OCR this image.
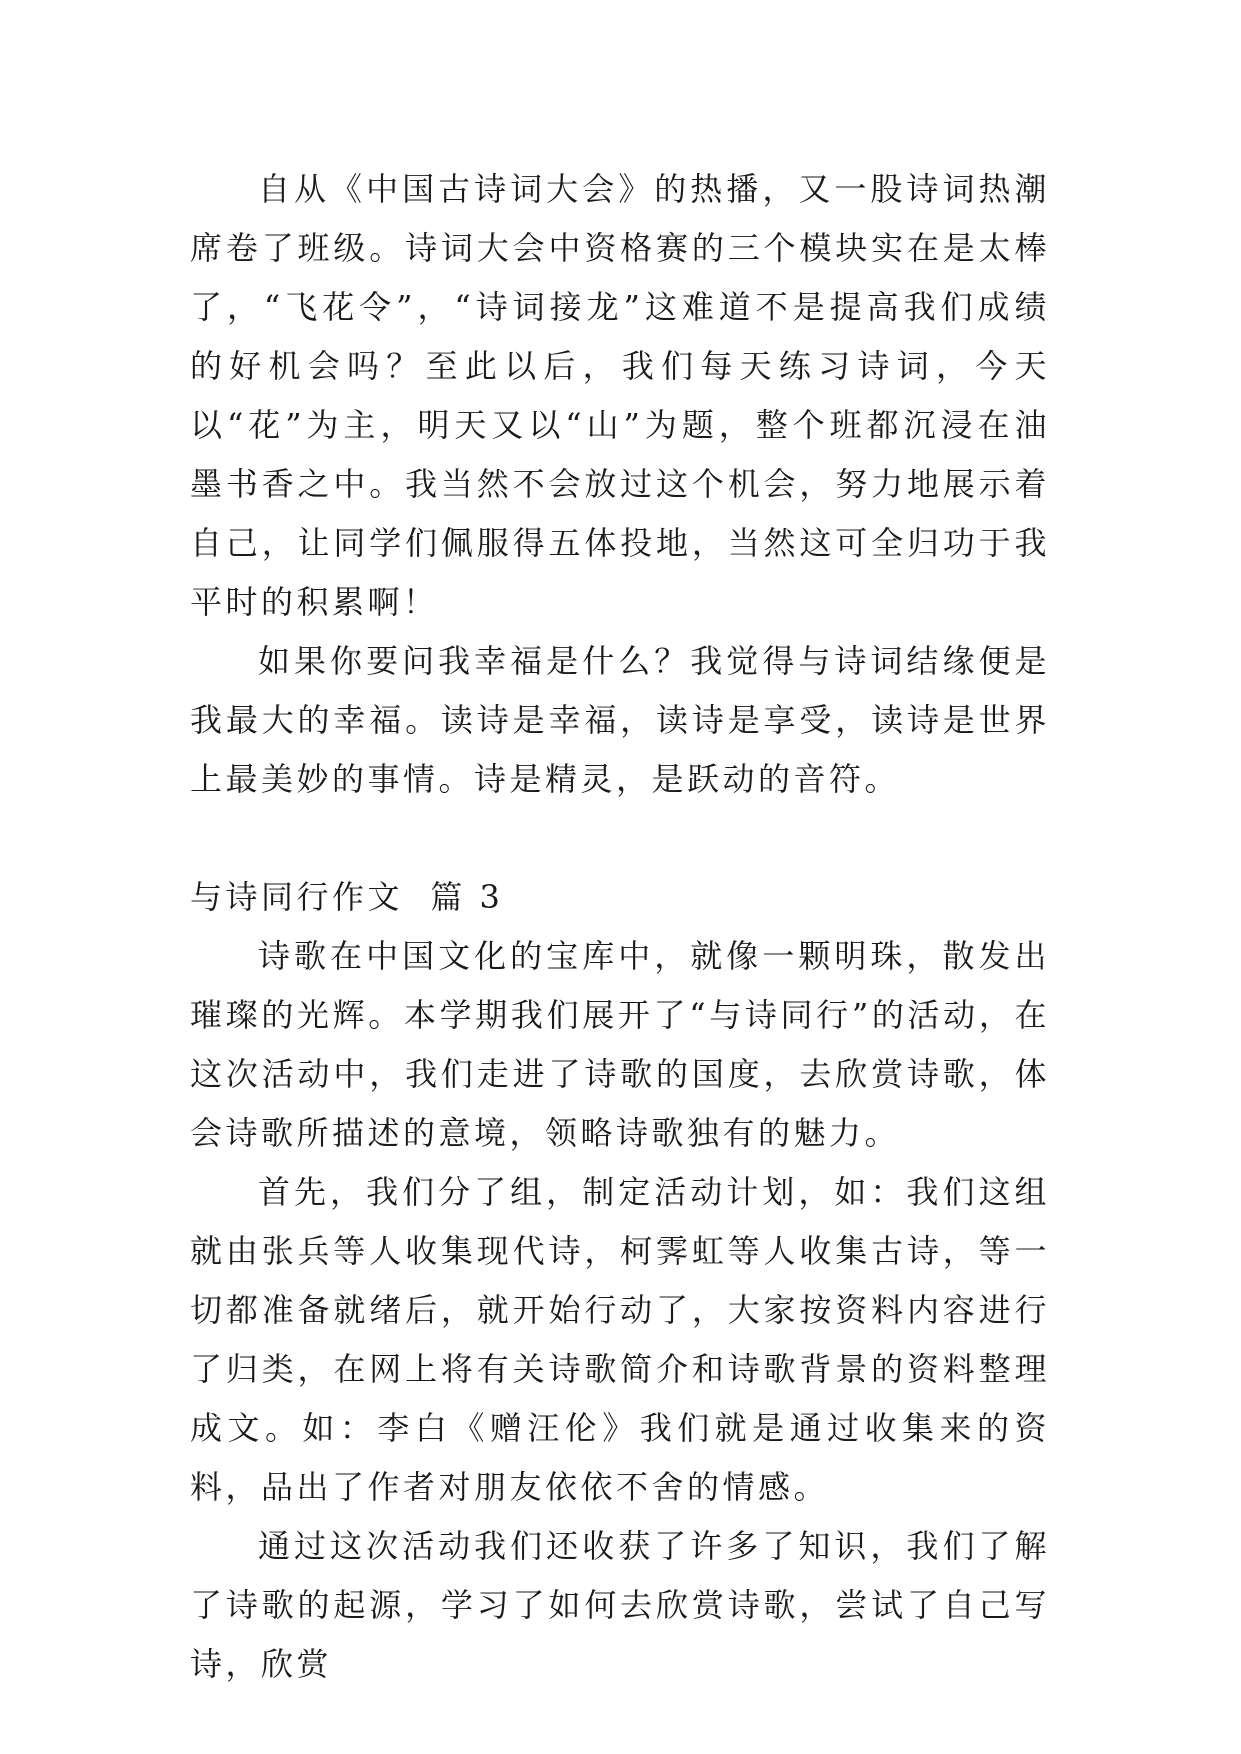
自从《中国古诗词大会》的热播，又一股诗词热潮席卷了班级。诗词大会中资格赛的三个模块实在是太棒了，“飞花令”，“诗词接龙”这难道不是提高我们成绩的好机会吗？至此以后，我们每天练习诗词，今天以“花”为主，明天又以“山”为题，整个班都沉浸在油墨书香之中。我当然不会放过这个机会，努力地展示着自己，让同学们佩服得五体投地，当然这可全归功于我平时的积累啊！

如果你要问我幸福是什么？我觉得与诗词结缘便是我最大的幸福。读诗是幸福，读诗是享受，读诗是世界上最美妙的事情。诗是精灵，是跃动的音符。

与诗同行作文  篇 3

诗歌在中国文化的宝库中，就像一颗明珠，散发出璀璨的光辉。本学期我们展开了“与诗同行”的活动，在这次活动中，我们走进了诗歌的国度，去欣赏诗歌，体会诗歌所描述的意境，领略诗歌独有的魅力。

首先，我们分了组，制定活动计划，如：我们这组就由张兵等人收集现代诗，柯霁虹等人收集古诗，等一切都准备就绪后，就开始行动了，大家按资料内容进行了归类，在网上将有关诗歌简介和诗歌背景的资料整理成文。如：李白《赠汪伦》我们就是通过收集来的资料，品出了作者对朋友依依不舍的情感。

通过这次活动我们还收获了许多了知识，我们了解了诗歌的起源，学习了如何去欣赏诗歌，尝试了自己写诗，欣赏
